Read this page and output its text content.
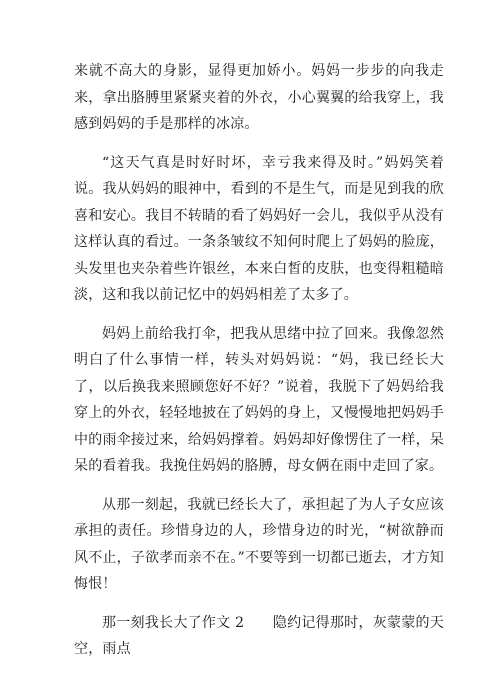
来就不高大的身影，显得更加娇小。妈妈一步步的向我走来，拿出胳膊里紧紧夹着的外衣，小心翼翼的给我穿上，我感到妈妈的手是那样的冰凉。

“这天气真是时好时坏，幸亏我来得及时。”妈妈笑着说。我从妈妈的眼神中，看到的不是生气，而是见到我的欣喜和安心。我目不转睛的看了妈妈好一会儿，我似乎从没有这样认真的看过。一条条皱纹不知何时爬上了妈妈的脸庞，头发里也夹杂着些许银丝，本来白皙的皮肤，也变得粗糙暗淡，这和我以前记忆中的妈妈相差了太多了。

妈妈上前给我打伞，把我从思绪中拉了回来。我像忽然明白了什么事情一样，转头对妈妈说：“妈，我已经长大了，以后换我来照顾您好不好？”说着，我脱下了妈妈给我穿上的外衣，轻轻地披在了妈妈的身上，又慢慢地把妈妈手中的雨伞接过来，给妈妈撑着。妈妈却好像愣住了一样，呆呆的看着我。我挽住妈妈的胳膊，母女俩在雨中走回了家。

从那一刻起，我就已经长大了，承担起了为人子女应该承担的责任。珍惜身边的人，珍惜身边的时光，“树欲静而风不止，子欲孝而亲不在。”不要等到一切都已逝去，才方知悔恨！

那一刻我长大了作文 2　　隐约记得那时，灰蒙蒙的天空，雨点
